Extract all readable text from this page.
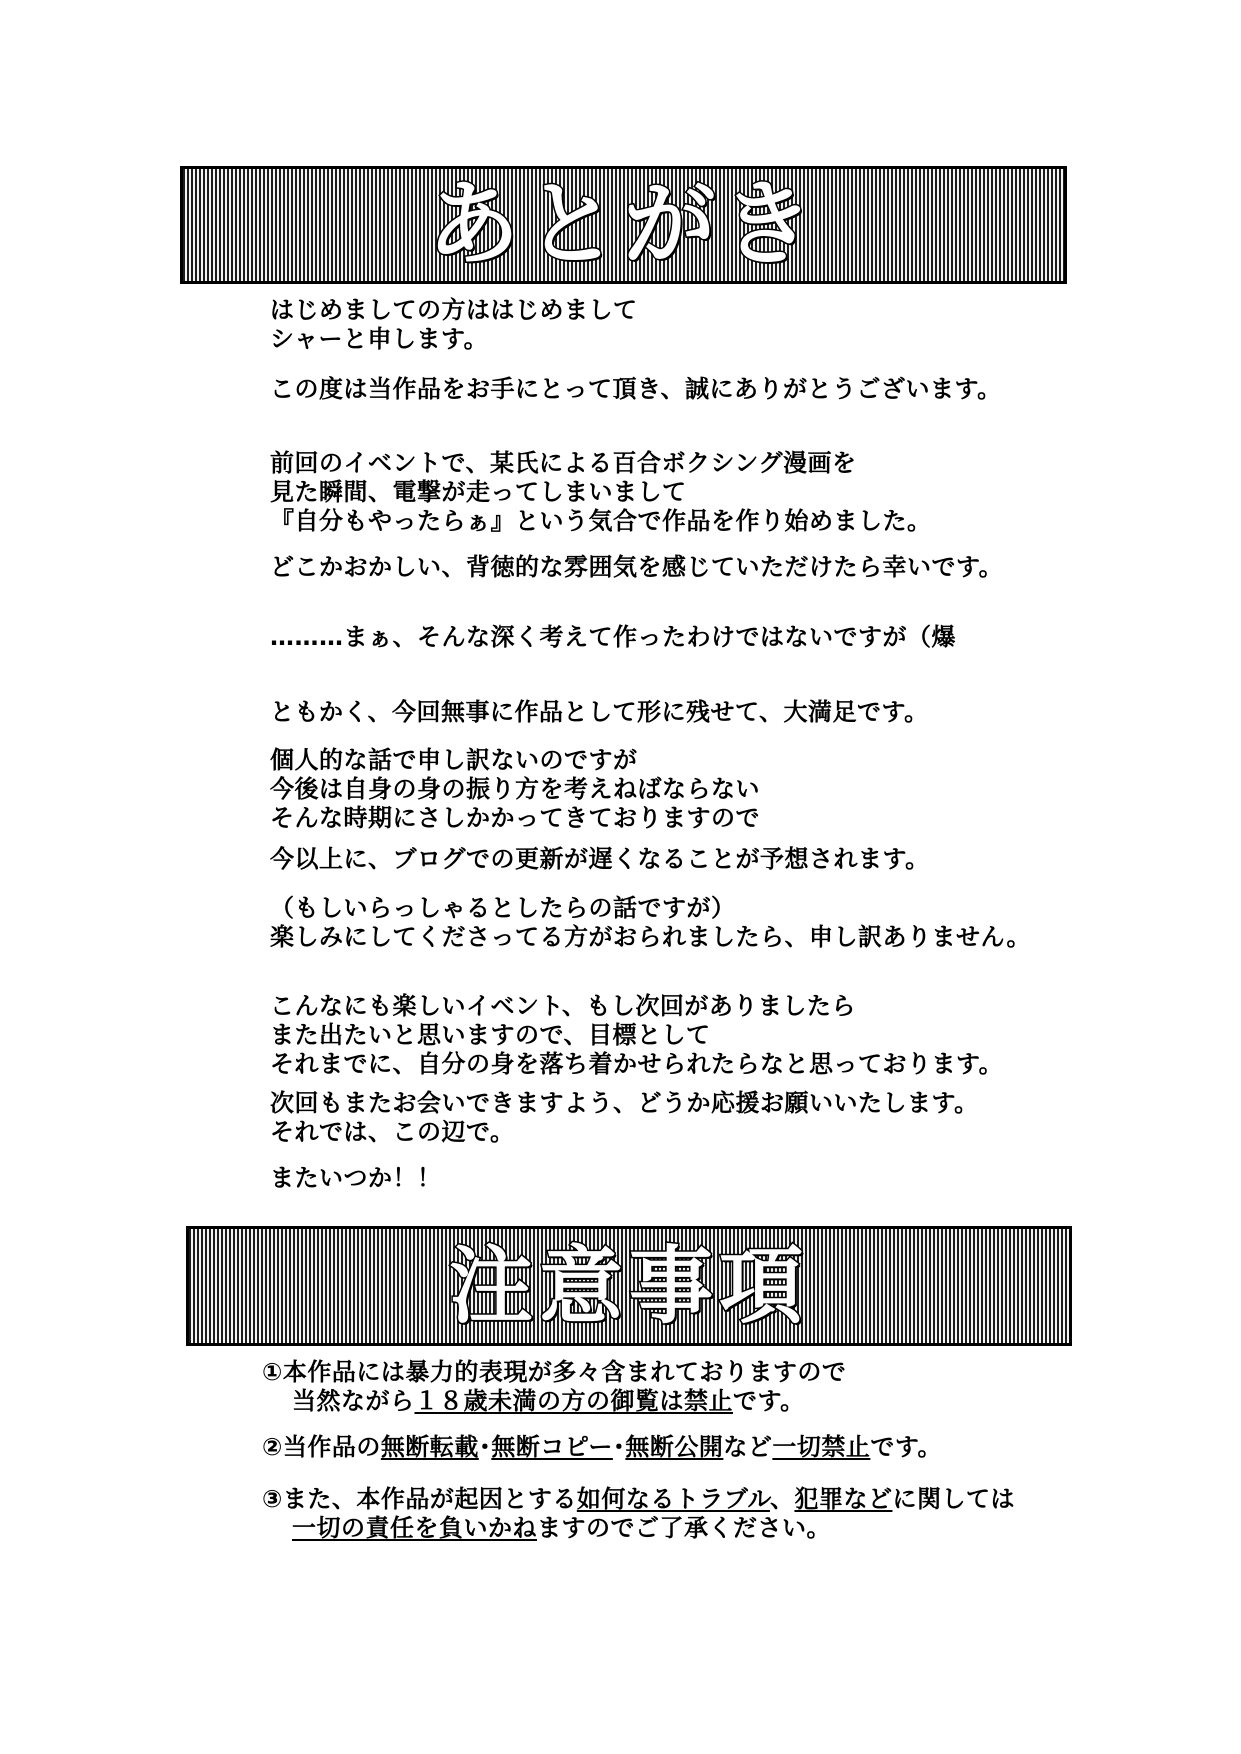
あとがき

はじめましての方ははじめまして
シャーと申します。

この度は当作品をお手にとって頂き、誠にありがとうございます。

前回のイベントで、某氏による百合ボクシング漫画を
見た瞬間、電撃が走ってしまいまして
『自分もやったらぁ』という気合で作品を作り始めました。

どこかおかしい、背徳的な雰囲気を感じていただけたら幸いです。

………まぁ、そんな深く考えて作ったわけではないですが（爆

ともかく、今回無事に作品として形に残せて、大満足です。

個人的な話で申し訳ないのですが
今後は自身の身の振り方を考えねばならない
そんな時期にさしかかってきておりますので

今以上に、ブログでの更新が遅くなることが予想されます。

（もしいらっしゃるとしたらの話ですが）
楽しみにしてくださってる方がおられましたら、申し訳ありません。

こんなにも楽しいイベント、もし次回がありましたら
また出たいと思いますので、目標として
それまでに、自分の身を落ち着かせられたらなと思っております。

次回もまたお会いできますよう、どうか応援お願いいたします。
それでは、この辺で。

またいつか！！

注意事項

①本作品には暴力的表現が多々含まれておりますので
当然ながら１８歳未満の方の御覧は禁止です。

②当作品の無断転載･無断コピー･無断公開など一切禁止です。

③また、本作品が起因とする如何なるトラブル、犯罪などに関しては
一切の責任を負いかねますのでご了承ください。
